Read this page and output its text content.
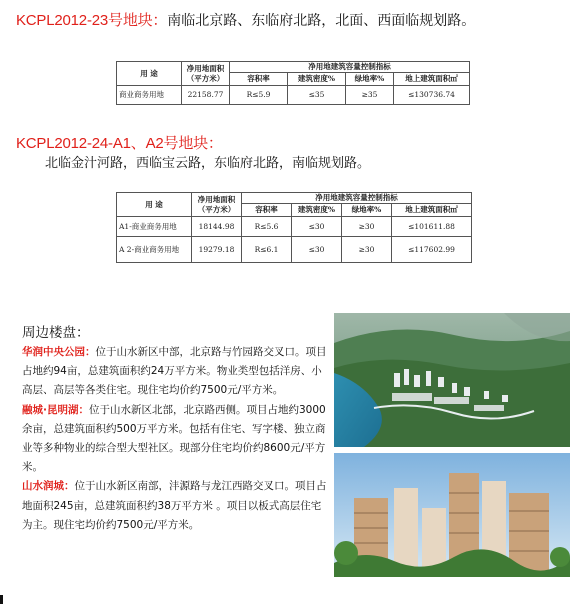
KCPL2012-23号地块：南临北京路、东临府北路，北面、西面临规划路。
用 途	净用地面积
（平方米）	净用地建筑容量控制指标			
		容积率	建筑密度%	绿地率%	地上建筑面积㎡
商业商务用地	22158.77	R≤5.9	≤35	≥35	≤130736.74
KCPL2012-24-A1、A2号地块：
北临金汁河路，西临宝云路，东临府北路，南临规划路。
用 途	净用地面积
（平方米）	净用地建筑容量控制指标			
		容积率	建筑密度%	绿地率%	地上建筑面积㎡
A1-商业商务用地	18144.98	R≤5.6	≤30	≥30	≤101611.88
A 2-商业商务用地	19279.18	R≤6.1	≤30	≥30	≤117602.99
周边楼盘：
华润中央公园：位于山水新区中部，北京路与竹园路交叉口。项目占地约94亩，总建筑面积约24万平方米。物业类型包括洋房、小高层、高层等各类住宅。现住宅均价约7500元/平方米。
融城·昆明湖：位于山水新区北部，北京路西侧。项目占地约3000余亩，总建筑面积约500万平方米。包括有住宅、写字楼、独立商业等多种物业的综合型大型社区。现部分住宅均价约8600元/平方米。
山水润城：位于山水新区南部，沣源路与龙江西路交叉口。项目占地面积245亩，总建筑面积约38万平方米 。项目以板式高层住宅为主。现住宅均价约7500元/平方米。
